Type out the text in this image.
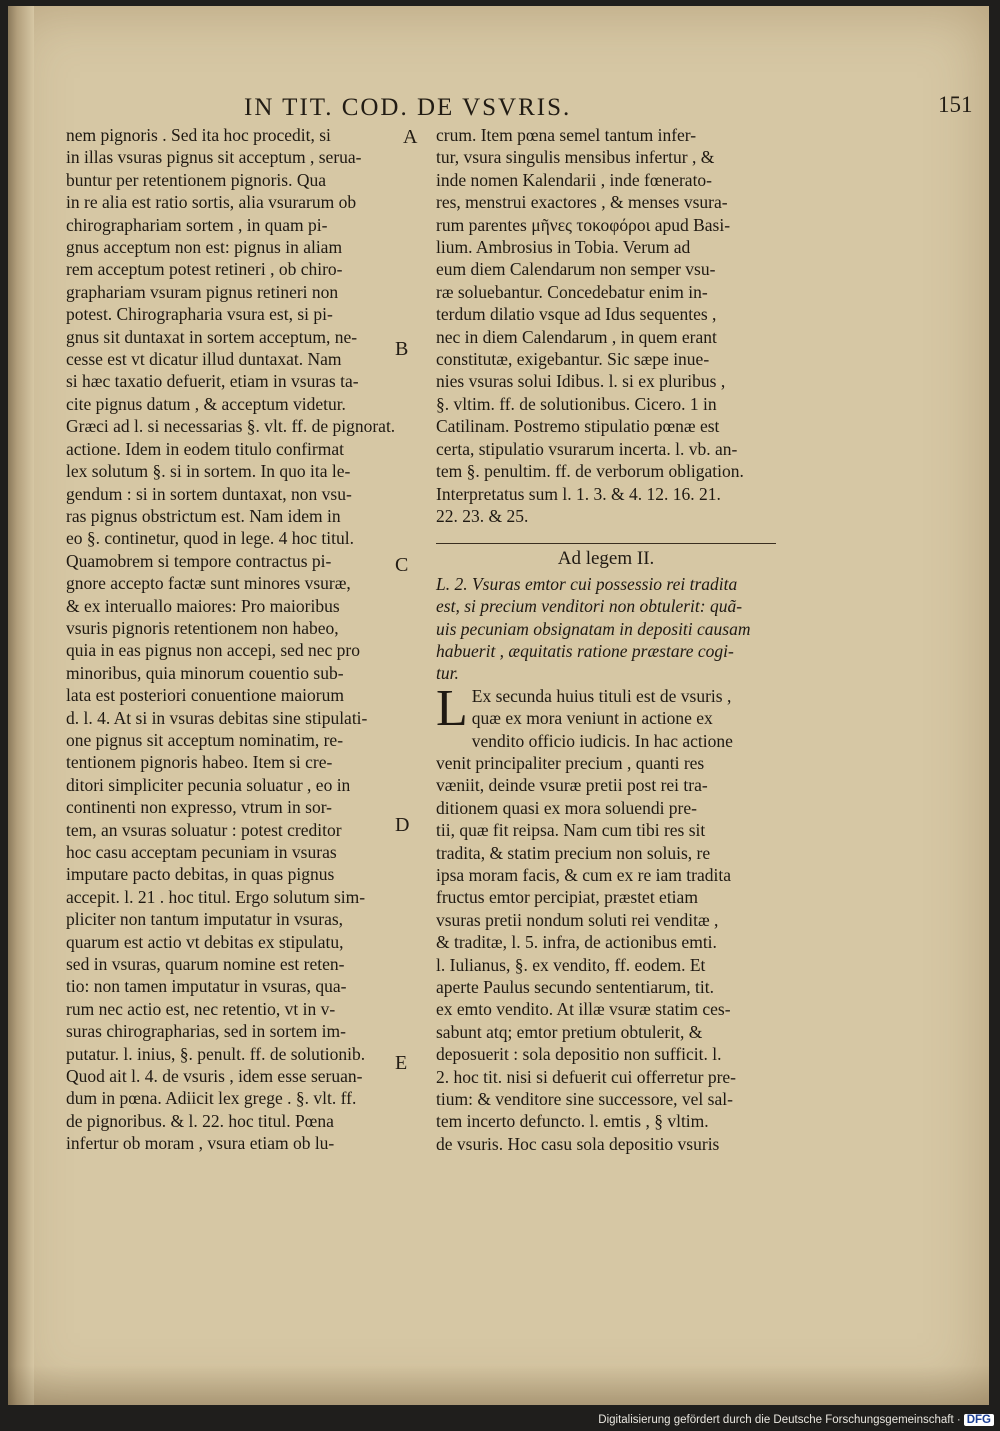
IN TIT. COD. DE VSVRIS.	151
nem pignoris . Sed ita hoc procedit, si
in illas vsuras pignus sit acceptum , serua-
buntur per retentionem pignoris. Qua
in re alia est ratio sortis, alia vsurarum ob
chirographariam sortem , in quam pi-
gnus acceptum non est: pignus in aliam
rem acceptum potest retineri , ob chiro-
graphariam vsuram pignus retineri non
potest. Chirographaria vsura est, si pi-
gnus sit duntaxat in sortem acceptum, ne-
cesse est vt dicatur illud duntaxat. Nam
si hæc taxatio defuerit, etiam in vsuras ta-
cite pignus datum , & acceptum videtur.
Græci ad l. si necessarias §. vlt. ff. de pignorat.
actione. Idem in eodem titulo confirmat
lex solutum §. si in sortem. In quo ita le-
gendum : si in sortem duntaxat, non vsu-
ras pignus obstrictum est. Nam idem in
eo §. continetur, quod in lege. 4 hoc titul.
Quamobrem si tempore contractus pi-
gnore accepto factæ sunt minores vsuræ,
& ex interuallo maiores: Pro maioribus
vsuris pignoris retentionem non habeo,
quia in eas pignus non accepi, sed nec pro
minoribus, quia minorum couentio sub-
lata est posteriori conuentione maiorum
d. l. 4. At si in vsuras debitas sine stipulati-
one pignus sit acceptum nominatim, re-
tentionem pignoris habeo. Item si cre-
ditori simpliciter pecunia soluatur , eo in
continenti non expresso, vtrum in sor-
tem, an vsuras soluatur : potest creditor
hoc casu acceptam pecuniam in vsuras
imputare pacto debitas, in quas pignus
accepit. l. 21 . hoc titul. Ergo solutum sim-
pliciter non tantum imputatur in vsuras,
quarum est actio vt debitas ex stipulatu,
sed in vsuras, quarum nomine est reten-
tio: non tamen imputatur in vsuras, qua-
rum nec actio est, nec retentio, vt in v-
suras chirographarias, sed in sortem im-
putatur. l. inius, §. penult. ff. de solutionib.
Quod ait l. 4. de vsuris , idem esse seruan-
dum in pœna. Adiicit lex grege . §. vlt. ff.
de pignoribus. & l. 22. hoc titul. Pœna
infertur ob moram , vsura etiam ob lu-
crum. Item pœna semel tantum infer-
tur, vsura singulis mensibus infertur , &
inde nomen Kalendarii , inde fœnerato-
res, menstrui exactores , & menses vsura-
rum parentes μῆνες τοκοφόροι apud Basi-
lium. Ambrosius in Tobia. Verum ad
eum diem Calendarum non semper vsu-
ræ soluebantur. Concedebatur enim in-
terdum dilatio vsque ad Idus sequentes ,
nec in diem Calendarum , in quem erant
constitutæ, exigebantur. Sic sæpe inue-
nies vsuras solui Idibus. l. si ex pluribus ,
§. vltim. ff. de solutionibus. Cicero. 1 in
Catilinam. Postremo stipulatio pœnæ est
certa, stipulatio vsurarum incerta. l. vb. an-
tem §. penultim. ff. de verborum obligation.
Interpretatus sum l. 1. 3. & 4. 12. 16. 21.
22. 23. & 25.
Ad legem II.
L. 2. Vsuras emtor cui possessio rei tradita
est, si precium venditori non obtulerit: quã-
uis pecuniam obsignatam in depositi causam
habuerit , æquitatis ratione præstare cogi-
tur.
L Ex secunda huius tituli est de vsuris ,
quæ ex mora veniunt in actione ex
vendito officio iudicis. In hac actione
venit principaliter precium , quanti res
væniit, deinde vsuræ pretii post rei tra-
ditionem quasi ex mora soluendi pre-
tii, quæ fit reipsa. Nam cum tibi res sit
tradita, & statim precium non soluis, re
ipsa moram facis, & cum ex re iam tradita
fructus emtor percipiat, præstet etiam
vsuras pretii nondum soluti rei venditæ ,
& traditæ, l. 5. infra, de actionibus emti.
l. Iulianus, §. ex vendito, ff. eodem. Et
aperte Paulus secundo sententiarum, tit.
ex emto vendito. At illæ vsuræ statim ces-
sabunt atq; emtor pretium obtulerit, &
deposuerit : sola depositio non sufficit. l.
2. hoc tit. nisi si defuerit cui offerretur pre-
tium: & venditore sine successore, vel sal-
tem incerto defuncto. l. emtis , § vltim.
de vsuris. Hoc casu sola depositio vsuris
A
B
C
D
E
Digitalisierung gefördert durch die Deutsche Forschungsgemeinschaft · DFG
